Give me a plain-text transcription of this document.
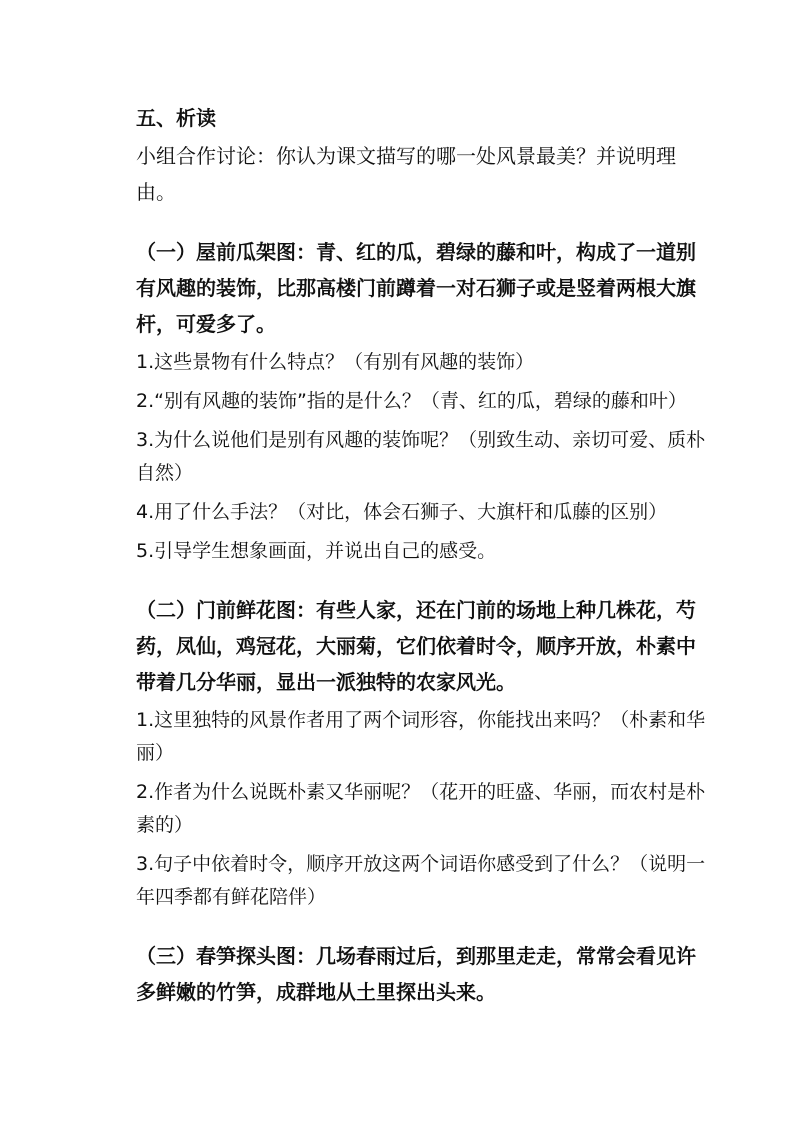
五、析读

小组合作讨论：你认为课文描写的哪一处风景最美？并说明理由。

（一）屋前瓜架图：青、红的瓜，碧绿的藤和叶，构成了一道别有风趣的装饰，比那高楼门前蹲着一对石狮子或是竖着两根大旗杆，可爱多了。

1.这些景物有什么特点？（有别有风趣的装饰）

2.“别有风趣的装饰”指的是什么？（青、红的瓜，碧绿的藤和叶）

3.为什么说他们是别有风趣的装饰呢？（别致生动、亲切可爱、质朴自然）

4.用了什么手法？（对比，体会石狮子、大旗杆和瓜藤的区别）

5.引导学生想象画面，并说出自己的感受。

（二）门前鲜花图：有些人家，还在门前的场地上种几株花，芍药，凤仙，鸡冠花，大丽菊，它们依着时令，顺序开放，朴素中带着几分华丽，显出一派独特的农家风光。

1.这里独特的风景作者用了两个词形容，你能找出来吗？（朴素和华丽）

2.作者为什么说既朴素又华丽呢？（花开的旺盛、华丽，而农村是朴素的）

3.句子中依着时令，顺序开放这两个词语你感受到了什么？（说明一年四季都有鲜花陪伴）

（三）春笋探头图：几场春雨过后，到那里走走，常常会看见许多鲜嫩的竹笋，成群地从土里探出头来。
